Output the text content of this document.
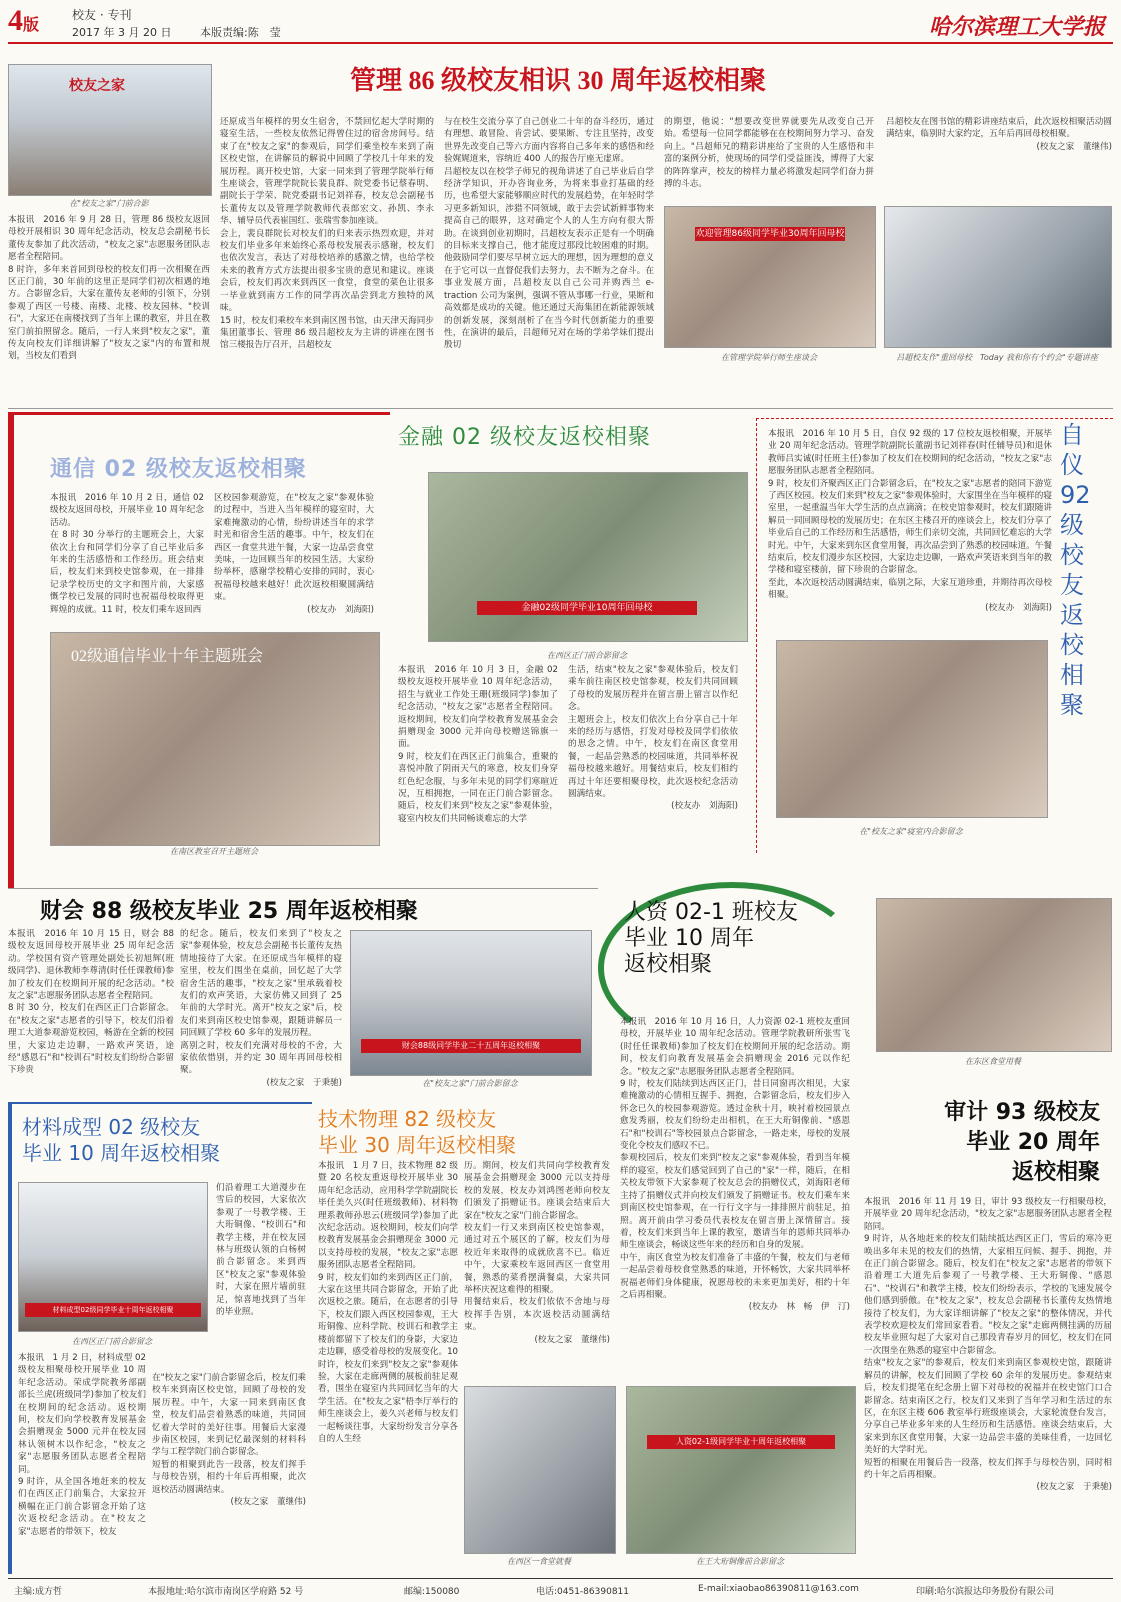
4版
校友 · 专刊
2017 年 3 月 20 日	本版责编:陈　莹	哈尔滨理工大学报
校友之家
在"校友之家"门前合影
管理 86 级校友相识 30 周年返校相聚
本报讯　2016 年 9 月 28 日，管理 86 级校友返回母校开展相识 30 周年纪念活动，校友总会副秘书长董传友参加了此次活动，"校友之家"志愿服务团队志愿者全程陪同。
8 时许，多年来首回到母校的校友们再一次相聚在西区正门前，30 年前的这里正是同学们初次相遇的地方。合影留念后，大家在董传友老师的引领下，分别参观了西区一号楼、南楼、北楼、校友园林、"校训石"，大家还在南楼找到了当年上课的教室，并且在教室门前拍照留念。随后，一行人来到"校友之家"，董传友向校友们详细讲解了"校友之家"内的布置和规划，当校友们看到
还原成当年模样的男女生宿舍，不禁回忆起大学时期的寝室生活，一些校友依然记得曾住过的宿舍房间号。结束了在"校友之家"的参观后，同学们乘坐校车来到了南区校史馆，在讲解员的解说中回顾了学校几十年来的发展历程。离开校史馆，大家一同来到了管理学院举行师生座谈会，管理学院院长裴良群、院党委书记蔡春明、副院长于学荣、院党委副书记刘祥春，校友总会副秘书长董传友以及管理学院教师代表郎宏文、孙凯、李永华、辅导员代表崔国红、张瑞雪参加座谈。
会上，裴良群院长对校友们的归来表示热烈欢迎，并对校友们毕业多年来始终心系母校发展表示感谢，校友们也依次发言，表达了对母校培养的感激之情，也给学校未来的教育方式方法提出很多宝贵的意见和建议。座谈会后，校友们再次来到西区一食堂，食堂的菜色让很多一毕业就到南方工作的同学再次品尝到北方独特的风味。
15 时，校友们乘校车来到南区图书馆，由天津天海同步集团董事长、管理 86 级吕超校友为主讲的讲座在图书馆三楼报告厅召开，吕超校友
与在校生交流分享了自己创业二十年的奋斗经历，通过有理想、敢冒险、肯尝试、要果断、专注且坚持，改变世界先改变自己等六方面内容将自己多年来的感悟和经验娓娓道来，容纳近 400 人的报告厅座无虚席。
吕超校友以在校学子师兄的视角讲述了自己毕业后自学经济学知识，开办咨询业务，为将来事业打基础的经历，也希望大家能够顺应时代的发展趋势，在年轻时学习更多新知识，涉猎不同领域，敢于去尝试新鲜事物来提高自己的眼界，这对确定个人的人生方向有很大帮助。在谈到创业初期时，吕超校友表示正是有一个明确的目标来支撑自己，他才能度过那段比较困难的时期。他鼓励同学们要尽早树立远大的理想，因为理想的意义在于它可以一直督促我们去努力，去不断为之奋斗。在事业发展方面，吕超校友以自己公司并购西兰 e-traction 公司为案例，强调不管从事哪一行业，果断和高效都是成功的关键。他还通过天海集团在新能源领域的创新发展，深刻剖析了在当今时代创新能力的重要性，在演讲的最后，吕超师兄对在场的学弟学妹们提出殷切
的期望，他说："想要改变世界就要先从改变自己开始。希望每一位同学都能够在在校期间努力学习、奋发向上。"吕超师兄的精彩讲座给了宝贵的人生感悟和丰富的案例分析，使现场的同学们受益匪浅，博得了大家的阵阵掌声，校友的榜样力量必将激发起同学们奋力拼搏的斗志。
吕超校友在图书馆的精彩讲座结束后，此次返校相聚活动圆满结束，临别时大家约定，五年后再回母校相聚。
(校友之家　董继伟)
欢迎管理86级同学毕业30周年回母校
在管理学院举行师生座谈会	吕超校友作"重回母校　Today 我和你有个约会"专题讲座
通信 02 级校友返校相聚
本报讯　2016 年 10 月 2 日，通信 02 级校友返回母校，开展毕业 10 周年纪念活动。
在 8 时 30 分举行的主题班会上，大家依次上台和同学们分享了自己毕业后多年来的生活感悟和工作经历。班会结束后，校友们来到校史馆参观，在一排排记录学校历史的文字和图片前，大家感慨学校已发展的同时也祝福母校取得更辉煌的成就。11 时，校友们乘车返回西
区校园参观游览，在"校友之家"参观体验的过程中，当进入当年模样的寝室时，大家难掩激动的心情，纷纷讲述当年的求学时光和宿舍生活的趣事。中午，校友们在西区一食堂共进午餐，大家一边品尝食堂美味，一边回顾当年的校园生活，大家纷纷举杯，感谢学校精心安排的同时，衷心祝福母校越来越好！此次返校相聚圆满结束。
(校友办　刘海阳)
02级通信毕业十年主题班会
在南区教室召开主题班会
金融 02 级校友返校相聚
金融02级同学毕业10周年回母校
在西区正门前合影留念
本报讯　2016 年 10 月 3 日，金融 02 级校友返校开展毕业 10 周年纪念活动，招生与就业工作处王珊(班级同学)参加了纪念活动，"校友之家"志愿者全程陪同。返校期间，校友们向学校教育发展基金会捐赠现金 3000 元并向母校赠送锦旗一面。
9 时，校友们在西区正门前集合，重聚的喜悦冲散了阴雨天气的寒意，校友们身穿红色纪念服，与多年未见的同学们寒暄近况，互相拥抱，一同在正门前合影留念。随后，校友们来到"校友之家"参观体验，寝室内校友们共同畅谈难忘的大学
生活，结束"校友之家"参观体验后，校友们乘车前往南区校史馆参观，校友们共同回顾了母校的发展历程并在留言册上留言以作纪念。
主题班会上，校友们依次上台分享自己十年来的经历与感悟，打发对母校及同学们依依的思念之情。中午，校友们在南区食堂用餐，一起品尝熟悉的校园味道，共同举杯祝福母校越来越好。用餐结束后，校友们相约再过十年还要相聚母校，此次返校纪念活动圆满结束。
(校友办　刘海阳)
本报讯　2016 年 10 月 5 日，自仪 92 级的 17 位校友返校相聚，开展毕业 20 周年纪念活动。管理学院副院长董副书记刘祥春(时任辅导员)和退休教师吕实诚(时任班主任)参加了校友们在校期间的纪念活动，"校友之家"志愿服务团队志愿者全程陪同。
9 时，校友们齐聚西区正门合影留念后，在"校友之家"志愿者的陪同下游览了西区校园。校友们来到"校友之家"参观体验时，大家围坐在当年模样的寝室里，一起重温当年大学生活的点点滴滴；在校史馆参观时，校友们跟随讲解员一同回顾母校的发展历史；在东区主楼召开的座谈会上，校友们分享了毕业后自己的工作经历和生活感悟，师生们亲切交流，共同回忆难忘的大学时光。中午，大家来到东区食堂用餐，再次品尝到了熟悉的校园味道。午餐结束后，校友们漫步东区校园，大家边走边聊，一路欢声笑语来到当年的教学楼和寝室楼前，留下珍贵的合影留念。
至此，本次返校活动圆满结束，临别之际，大家互道珍重，并期待再次母校相聚。
(校友办　刘海阳)
自仪 92 级校友返校相聚
在"校友之家"寝室内合影留念
财会 88 级校友毕业 25 周年返校相聚
本报讯　2016 年 10 月 15 日，财会 88 级校友返回母校开展毕业 25 周年纪念活动。学校国有资产管理处副处长初旭辉(班级同学)、退休教师李尊清(时任任课教师)参加了校友们在校期间开展的纪念活动。"校友之家"志愿服务团队志愿者全程陪同。
8 时 30 分，校友们在西区正门合影留念。在"校友之家"志愿者的引导下，校友们沿着理工大道参观游览校园，畅游在全新的校园里，大家边走边聊，一路欢声笑语，途经"感恩石"和"校训石"时校友们纷纷合影留下珍贵
的纪念。随后，校友们来到了"校友之家"参观体验，校友总会副秘书长董传友热情地接待了大家。在还原成当年模样的寝室里，校友们围坐在桌前，回忆起了大学宿舍生活的趣事，"校友之家"里承载着校友们的欢声笑语，大家仿佛又回到了 25 年前的大学时光。离开"校友之家"后，校友们来到南区校史馆参观，跟随讲解员一同回顾了学校 60 多年的发展历程。
离别之时，校友们充满对母校的不舍，大家依依惜别，并约定 30 周年再回母校相聚。
(校友之家　于秉驰)
财会88级同学毕业二十五周年返校相聚
在"校友之家"门前合影留念
人资 02-1 班校友
毕业 10 周年
返校相聚
在东区食堂用餐
本报讯　2016 年 10 月 16 日，人力资源 02-1 班校友重回母校，开展毕业 10 周年纪念活动。管理学院教研所张雪飞(时任任课教师)参加了校友们在校期间开展的纪念活动。期间，校友们向教育发展基金会捐赠现金 2016 元以作纪念。"校友之家"志愿服务团队志愿者全程陪同。
9 时，校友们陆续到达西区正门，昔日同窗再次相见，大家难掩激动的心情相互握手、拥抱，合影留念后，校友们步入怀念已久的校园参观游览。透过金秋十月，映衬着校园景点愈发秀丽，校友们纷纷走出相机，在王大珩铜像前、"感恩石"和"校训石"等校园景点合影留念，一路走来，母校的发展变化令校友们感叹不已。
参观校园后，校友们来到"校友之家"参观体验，看到当年模样的寝室，校友们感觉回到了自己的"家"一样，随后，在相关校友带领下大家参观了校友总会的捐赠仪式，刘海阳老师主持了捐赠仪式并向校友们颁发了捐赠证书。校友们乘车来到南区校史馆参观，在一行行文字与一排排照片前驻足，拍照。离开前由学习委员代表校友在留言册上深情留言。接着，校友们来到当年上课的教室，邀请当年的恩师共同举办师生座谈会，畅谈这些年来的经历和自身的发展。
中午，南区食堂为校友们准备了丰盛的午餐，校友们与老师一起品尝着母校食堂熟悉的味道，开怀畅饮，大家共同举杯祝福老师们身体健康，祝愿母校的未来更加美好，相约十年之后再相聚。
(校友办　林　畅　伊　汀)
材料成型 02 级校友
毕业 10 周年返校相聚
材料成型02级同学毕业十周年返校相聚
在西区正门前合影留念
们沿着理工大道漫步在雪后的校园，大家依次参观了一号教学楼、王大珩铜像、"校训石"和教学主楼，并在校友园林与班级认领的白杨树前合影留念。来到西区"校友之家"参观体验时，大家在照片墙前驻足，惊喜地找到了当年的毕业照。
本报讯　1 月 2 日，材料成型 02 级校友相聚母校开展毕业 10 周年纪念活动。荣成学院教务部副部长兰虎(班级同学)参加了校友们在校期间的纪念活动。返校期间，校友们向学校教育发展基金会捐赠现金 5000 元并在校友园林认领树木以作纪念，"校友之家"志愿服务团队志愿者全程陪同。
9 时许，从全国各地赶来的校友们在西区正门前集合，大家拉开横幅在正门前合影留念开始了这次返校纪念活动。在"校友之家"志愿者的带领下，校友
在"校友之家"门前合影留念后，校友们乘校车来到南区校史馆，回顾了母校的发展历程。中午，大家一同来到南区食堂，校友们品尝着熟悉的味道，共同回忆着大学时的美好往事。用餐后大家漫步南区校园，来到记忆最深刻的材料科学与工程学院门前合影留念。
短暂的相聚到此告一段落，校友们挥手与母校告别，相约十年后再相聚，此次返校活动圆满结束。
(校友之家　董继伟)
技术物理 82 级校友
毕业 30 周年返校相聚
本报讯　1 月 7 日，技术物理 82 级暨 20 名校友重返母校开展毕业 30 周年纪念活动，应用科学学院副院长毕任美久兴(时任班级教师)、材料物理系教师孙思云(班级同学)参加了此次纪念活动。返校期间，校友们向学校教育发展基金会捐赠现金 3000 元以支持母校的发展，"校友之家"志愿服务团队志愿者全程陪同。
9 时，校友们如约来到西区正门前，大家在这里共同合影留念，开始了此次返校之旅。随后，在志愿者的引导下，校友们跟入西区校园参观，王大珩铜像、应科学院、校训石和教学主楼前都留下了校友们的身影，大家边走边聊，感受着母校的发展变化。10 时许，校友们来到"校友之家"参观体验，大家在走廊两侧的展板前驻足观看，围坐在寝室内共同回忆当年的大学生活。在"校友之家"梧李厅举行的师生座谈会上，姜久兴老师与校友们一起畅谈往事，大家纷纷发言分享各自的人生经
历。期间，校友们共同向学校教育发展基金会捐赠现金 3000 元以支持母校的发展，校友办刘鸿图老师向校友们颁发了捐赠证书。座谈会结束后大家在"校友之家"门前合影留念。
校友们一行又来到南区校史馆参观，通过对五个展区的了解，校友们为母校近年来取得的成就欣喜不已。临近中午，大家乘校车返回西区一食堂用餐，熟悉的菜肴摆满餐桌，大家共同举杯庆祝这难得的相聚。
用餐结束后，校友们依依不舍地与母校挥手告别，本次返校活动圆满结束。
(校友之家　董继伟)
在西区一食堂就餐
人资02-1级同学毕业十周年返校相聚
在王大珩铜像前合影留念
审计 93 级校友
毕业 20 周年
返校相聚
本报讯　2016 年 11 月 19 日，审计 93 级校友一行相聚母校，开展毕业 20 周年纪念活动，"校友之家"志愿服务团队志愿者全程陪同。
9 时许，从各地赶来的校友们陆续抵达西区正门，雪后的寒冷更唤出多年未见的校友们的热情，大家相互问候、握手、拥抱，并在正门前合影留念。随后，校友们在"校友之家"志愿者的带领下沿着理工大道先后参观了一号教学楼、王大珩铜像、"感恩石"、"校训石"和教学主楼，校友们纷纷表示，学校的飞速发展令他们感到骄傲。在"校友之家"，校友总会副秘书长董传友热情地接待了校友们，为大家详细讲解了"校友之家"的整体情况，并代表学校欢迎校友们常回家看看。"校友之家"走廊两侧挂满的历届校友毕业照勾起了大家对自己那段青春岁月的回忆，校友们在同一次围坐在熟悉的寝室中合影留念。
结束"校友之家"的参观后，校友们来到南区参观校史馆，跟随讲解员的讲解，校友们回顾了学校 60 余年的发展历史。参观结束后，校友们提笔在纪念册上留下对母校的祝福并在校史馆门口合影留念。结束南区之行，校友们又来到了当年学习和生活过的东区，在东区主楼 606 教室举行班级座谈会，大家轮流登台发言，分享自己毕业多年来的人生经历和生活感悟。座谈会结束后，大家来到东区食堂用餐，大家一边品尝丰盛的美味佳肴，一边回忆美好的大学时光。
短暂的相聚在用餐后告一段落，校友们挥手与母校告别，同时相约十年之后再相聚。
(校友之家　于秉驰)
主编:成方哲	本报地址:哈尔滨市南岗区学府路 52 号	邮编:150080	电话:0451-86390811	E-mail:xiaobao86390811@163.com	印刷:哈尔滨报达印务股份有限公司
